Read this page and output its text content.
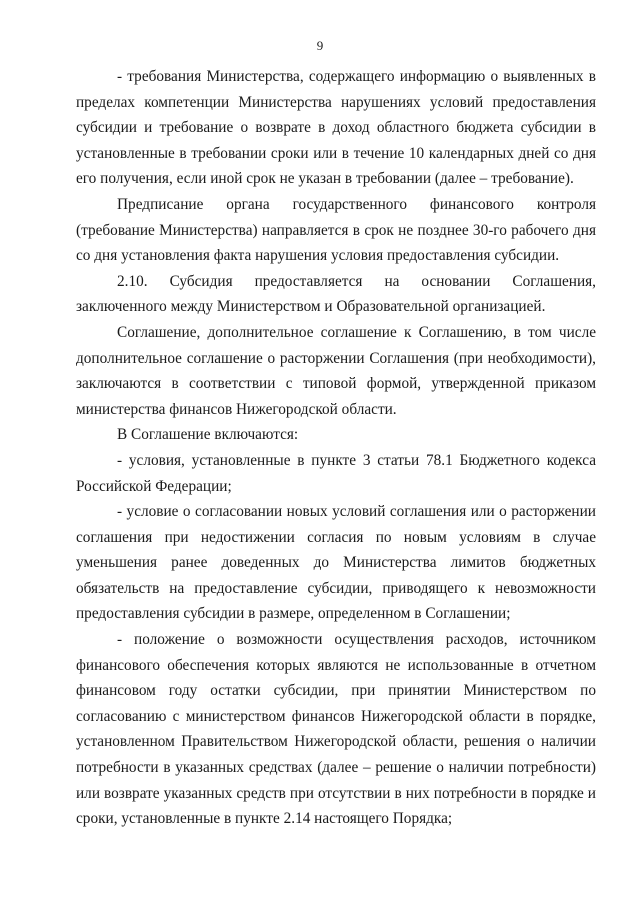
9

- требования Министерства, содержащего информацию о выявленных в пределах компетенции Министерства нарушениях условий предоставления субсидии и требование о возврате в доход областного бюджета субсидии в установленные в требовании сроки или в течение 10 календарных дней со дня его получения, если иной срок не указан в требовании (далее – требование).

Предписание органа государственного финансового контроля (требование Министерства) направляется в срок не позднее 30-го рабочего дня со дня установления факта нарушения условия предоставления субсидии.

2.10. Субсидия предоставляется на основании Соглашения, заключенного между Министерством и Образовательной организацией.

Соглашение, дополнительное соглашение к Соглашению, в том числе дополнительное соглашение о расторжении Соглашения (при необходимости), заключаются в соответствии с типовой формой, утвержденной приказом министерства финансов Нижегородской области.

В Соглашение включаются:

- условия, установленные в пункте 3 статьи 78.1 Бюджетного кодекса Российской Федерации;

- условие о согласовании новых условий соглашения или о расторжении соглашения при недостижении согласия по новым условиям в случае уменьшения ранее доведенных до Министерства лимитов бюджетных обязательств на предоставление субсидии, приводящего к невозможности предоставления субсидии в размере, определенном в Соглашении;

- положение о возможности осуществления расходов, источником финансового обеспечения которых являются не использованные в отчетном финансовом году остатки субсидии, при принятии Министерством по согласованию с министерством финансов Нижегородской области в порядке, установленном Правительством Нижегородской области, решения о наличии потребности в указанных средствах (далее – решение о наличии потребности) или возврате указанных средств при отсутствии в них потребности в порядке и сроки, установленные в пункте 2.14 настоящего Порядка;
